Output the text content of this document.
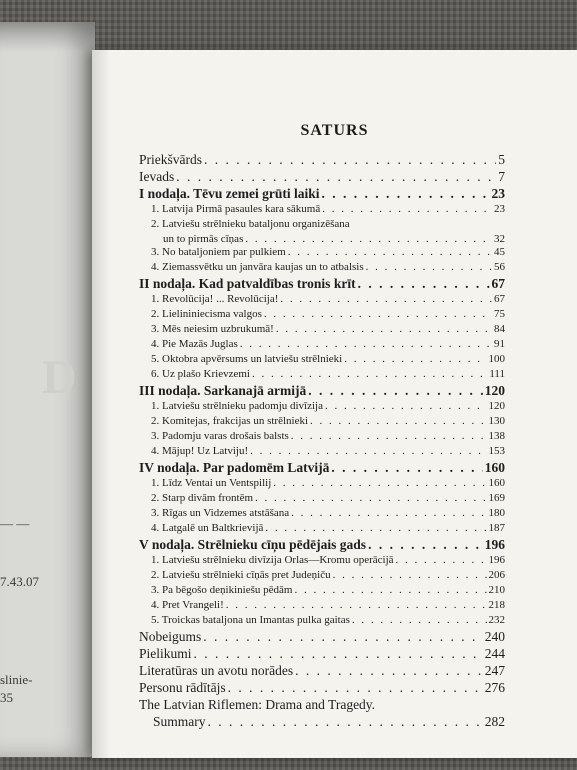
D
— —
7.43.07
slinie-
35
SATURS
Priekšvārds . . .	5
Ievads . . .	7
I nodaļa. Tēvu zemei grūti laiki . . .	23
1. Latvija Pirmā pasaules kara sākumā . . .	23
2. Latviešu strēlnieku bataljonu organizēšana
un to pirmās cīņas . . .	32
3. No bataljoniem par pulkiem . . .	45
4. Ziemassvētku un janvāra kaujas un to atbalsis . . .	56
II nodaļa. Kad patvaldības tronis krīt . . .	67
1. Revolūcija! ... Revolūcija! . . .	67
2. Lielininiecisma valgos . . .	75
3. Mēs neiesim uzbrukumā! . . .	84
4. Pie Mazās Juglas . . .	91
5. Oktobra apvērsums un latviešu strēlnieki . . .	100
6. Uz plašo Krievzemi . . .	111
III nodaļa. Sarkanajā armijā . . .	120
1. Latviešu strēlnieku padomju divīzija . . .	120
2. Komitejas, frakcijas un strēlnieki . . .	130
3. Padomju varas drošais balsts . . .	138
4. Mājup! Uz Latviju! . . .	153
IV nodaļa. Par padomēm Latvijā . . .	160
1. Līdz Ventai un Ventspilij . . .	160
2. Starp divām frontēm . . .	169
3. Rīgas un Vidzemes atstāšana . . .	180
4. Latgalē un Baltkrievijā . . .	187
V nodaļa. Strēlnieku cīņu pēdējais gads . . .	196
1. Latviešu strēlnieku divīzija Orlas—Kromu operācijā . . .	196
2. Latviešu strēlnieki cīņās pret Judeņiču . . .	206
3. Pa bēgošo deņikiniešu pēdām . . .	210
4. Pret Vrangeli! . . .	218
5. Troickas bataljona un Imantas pulka gaitas . . .	232
Nobeigums . . .	240
Pielikumi . . .	244
Literatūras un avotu norādes . . .	247
Personu rādītājs . . .	276
The Latvian Riflemen: Drama and Tragedy.
Summary . . .	282
